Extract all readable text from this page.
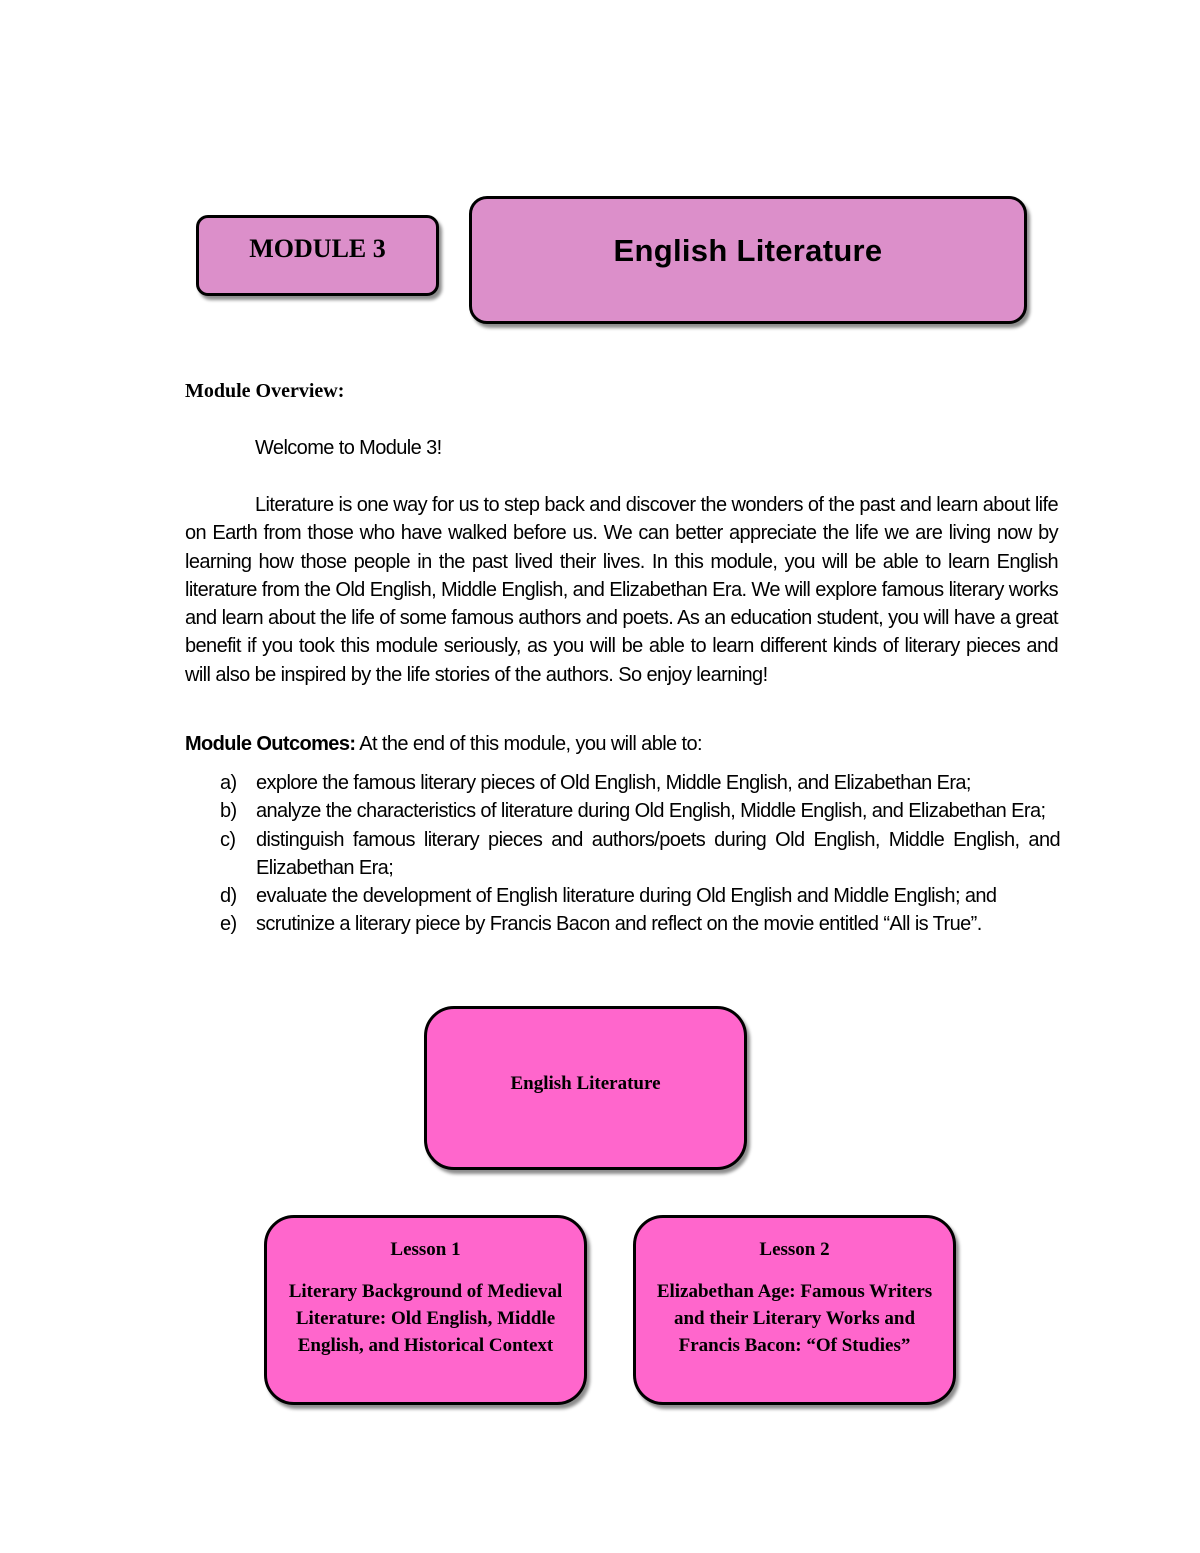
MODULE 3	English Literature
Module Overview:
Welcome to Module 3!
Literature is one way for us to step back and discover the wonders of the past and learn about life on Earth from those who have walked before us. We can better appreciate the life we are living now by learning how those people in the past lived their lives. In this module, you will be able to learn English literature from the Old English, Middle English, and Elizabethan Era. We will explore famous literary works and learn about the life of some famous authors and poets. As an education student, you will have a great benefit if you took this module seriously, as you will be able to learn different kinds of literary pieces and will also be inspired by the life stories of the authors. So enjoy learning!
Module Outcomes: At the end of this module, you will able to:
a) explore the famous literary pieces of Old English, Middle English, and Elizabethan Era;
b) analyze the characteristics of literature during Old English, Middle English, and Elizabethan Era;
c) distinguish famous literary pieces and authors/poets during Old English, Middle English, and Elizabethan Era;
d) evaluate the development of English literature during Old English and Middle English; and
e) scrutinize a literary piece by Francis Bacon and reflect on the movie entitled “All is True”.
English Literature
Lesson 1
Literary Background of Medieval Literature: Old English, Middle English, and Historical Context
Lesson 2
Elizabethan Age: Famous Writers and their Literary Works and Francis Bacon: “Of Studies”
